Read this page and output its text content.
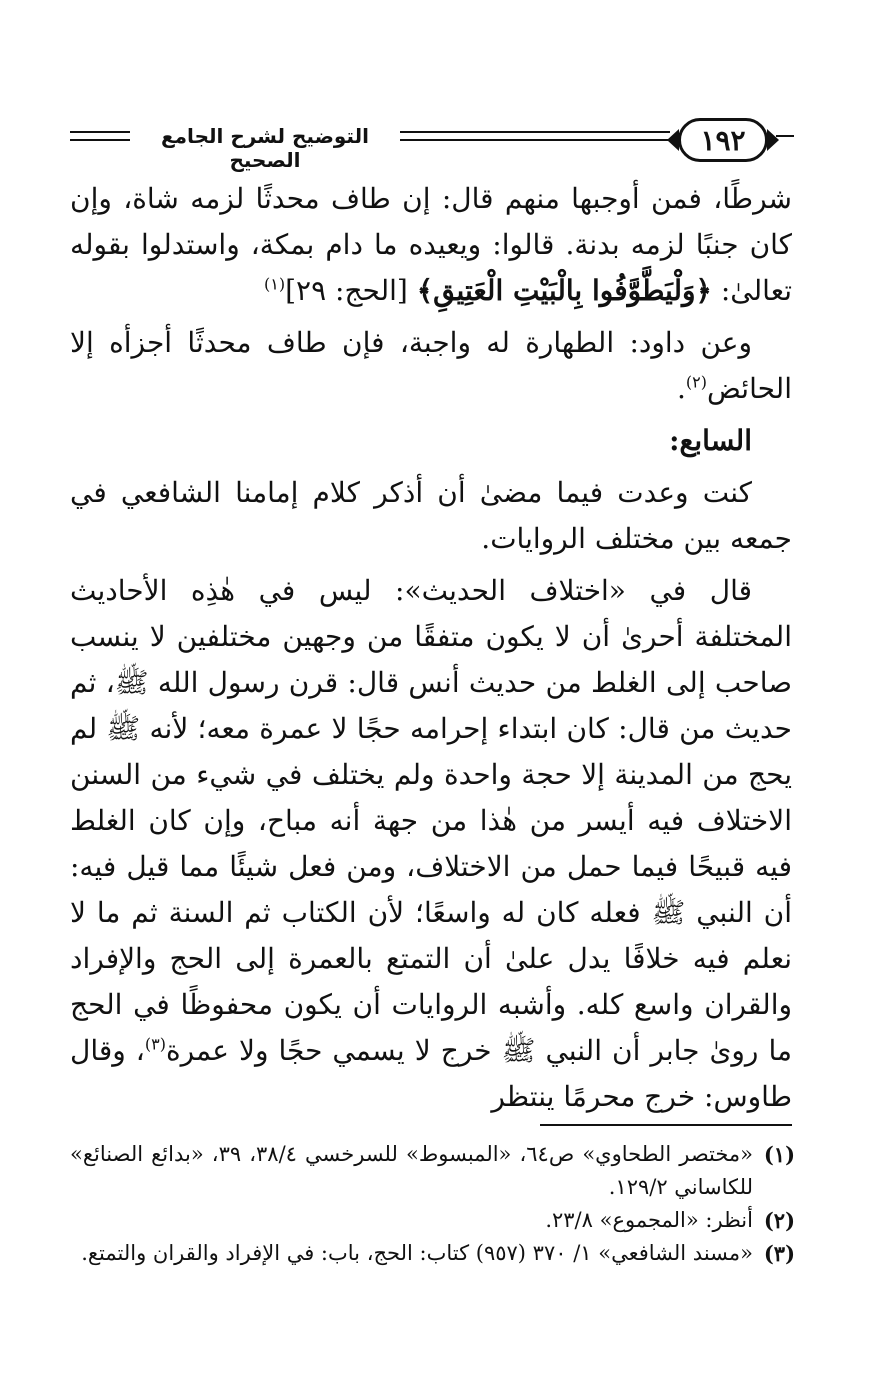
التوضيح لشرح الجامع الصحيح
١٩٢

شرطًا، فمن أوجبها منهم قال: إن طاف محدثًا لزمه شاة، وإن كان جنبًا لزمه بدنة. قالوا: ويعيده ما دام بمكة، واستدلوا بقوله تعالىٰ: ﴿وَلْيَطَّوَّفُوا بِالْبَيْتِ الْعَتِيقِ﴾ [الحج: ٢٩]$^{(١)}$

وعن داود: الطهارة له واجبة، فإن طاف محدثًا أجزأه إلا الحائض$^{(٢)}$.

السابع:

كنت وعدت فيما مضىٰ أن أذكر كلام إمامنا الشافعي في جمعه بين مختلف الروايات.

قال في «اختلاف الحديث»: ليس في هٰذِه الأحاديث المختلفة أحرىٰ أن لا يكون متفقًا من وجهين مختلفين لا ينسب صاحب إلى الغلط من حديث أنس قال: قرن رسول الله ﷺ، ثم حديث من قال: كان ابتداء إحرامه حجًا لا عمرة معه؛ لأنه ﷺ لم يحج من المدينة إلا حجة واحدة ولم يختلف في شيء من السنن الاختلاف فيه أيسر من هٰذا من جهة أنه مباح، وإن كان الغلط فيه قبيحًا فيما حمل من الاختلاف، ومن فعل شيئًا مما قيل فيه: أن النبي ﷺ فعله كان له واسعًا؛ لأن الكتاب ثم السنة ثم ما لا نعلم فيه خلافًا يدل علىٰ أن التمتع بالعمرة إلى الحج والإفراد والقران واسع كله. وأشبه الروايات أن يكون محفوظًا في الحج ما روىٰ جابر أن النبي ﷺ خرج لا يسمي حجًا ولا عمرة$^{(٣)}$، وقال طاوس: خرج محرمًا ينتظر

(١)
«مختصر الطحاوي» ص٦٤، «المبسوط» للسرخسي ٣٨/٤، ٣٩، «بدائع الصنائع» للكاساني ١٢٩/٢.
(٢)
أنظر: «المجموع» ٢٣/٨.
(٣)
«مسند الشافعي» ١/ ٣٧٠ (٩٥٧) كتاب: الحج، باب: في الإفراد والقران والتمتع.
